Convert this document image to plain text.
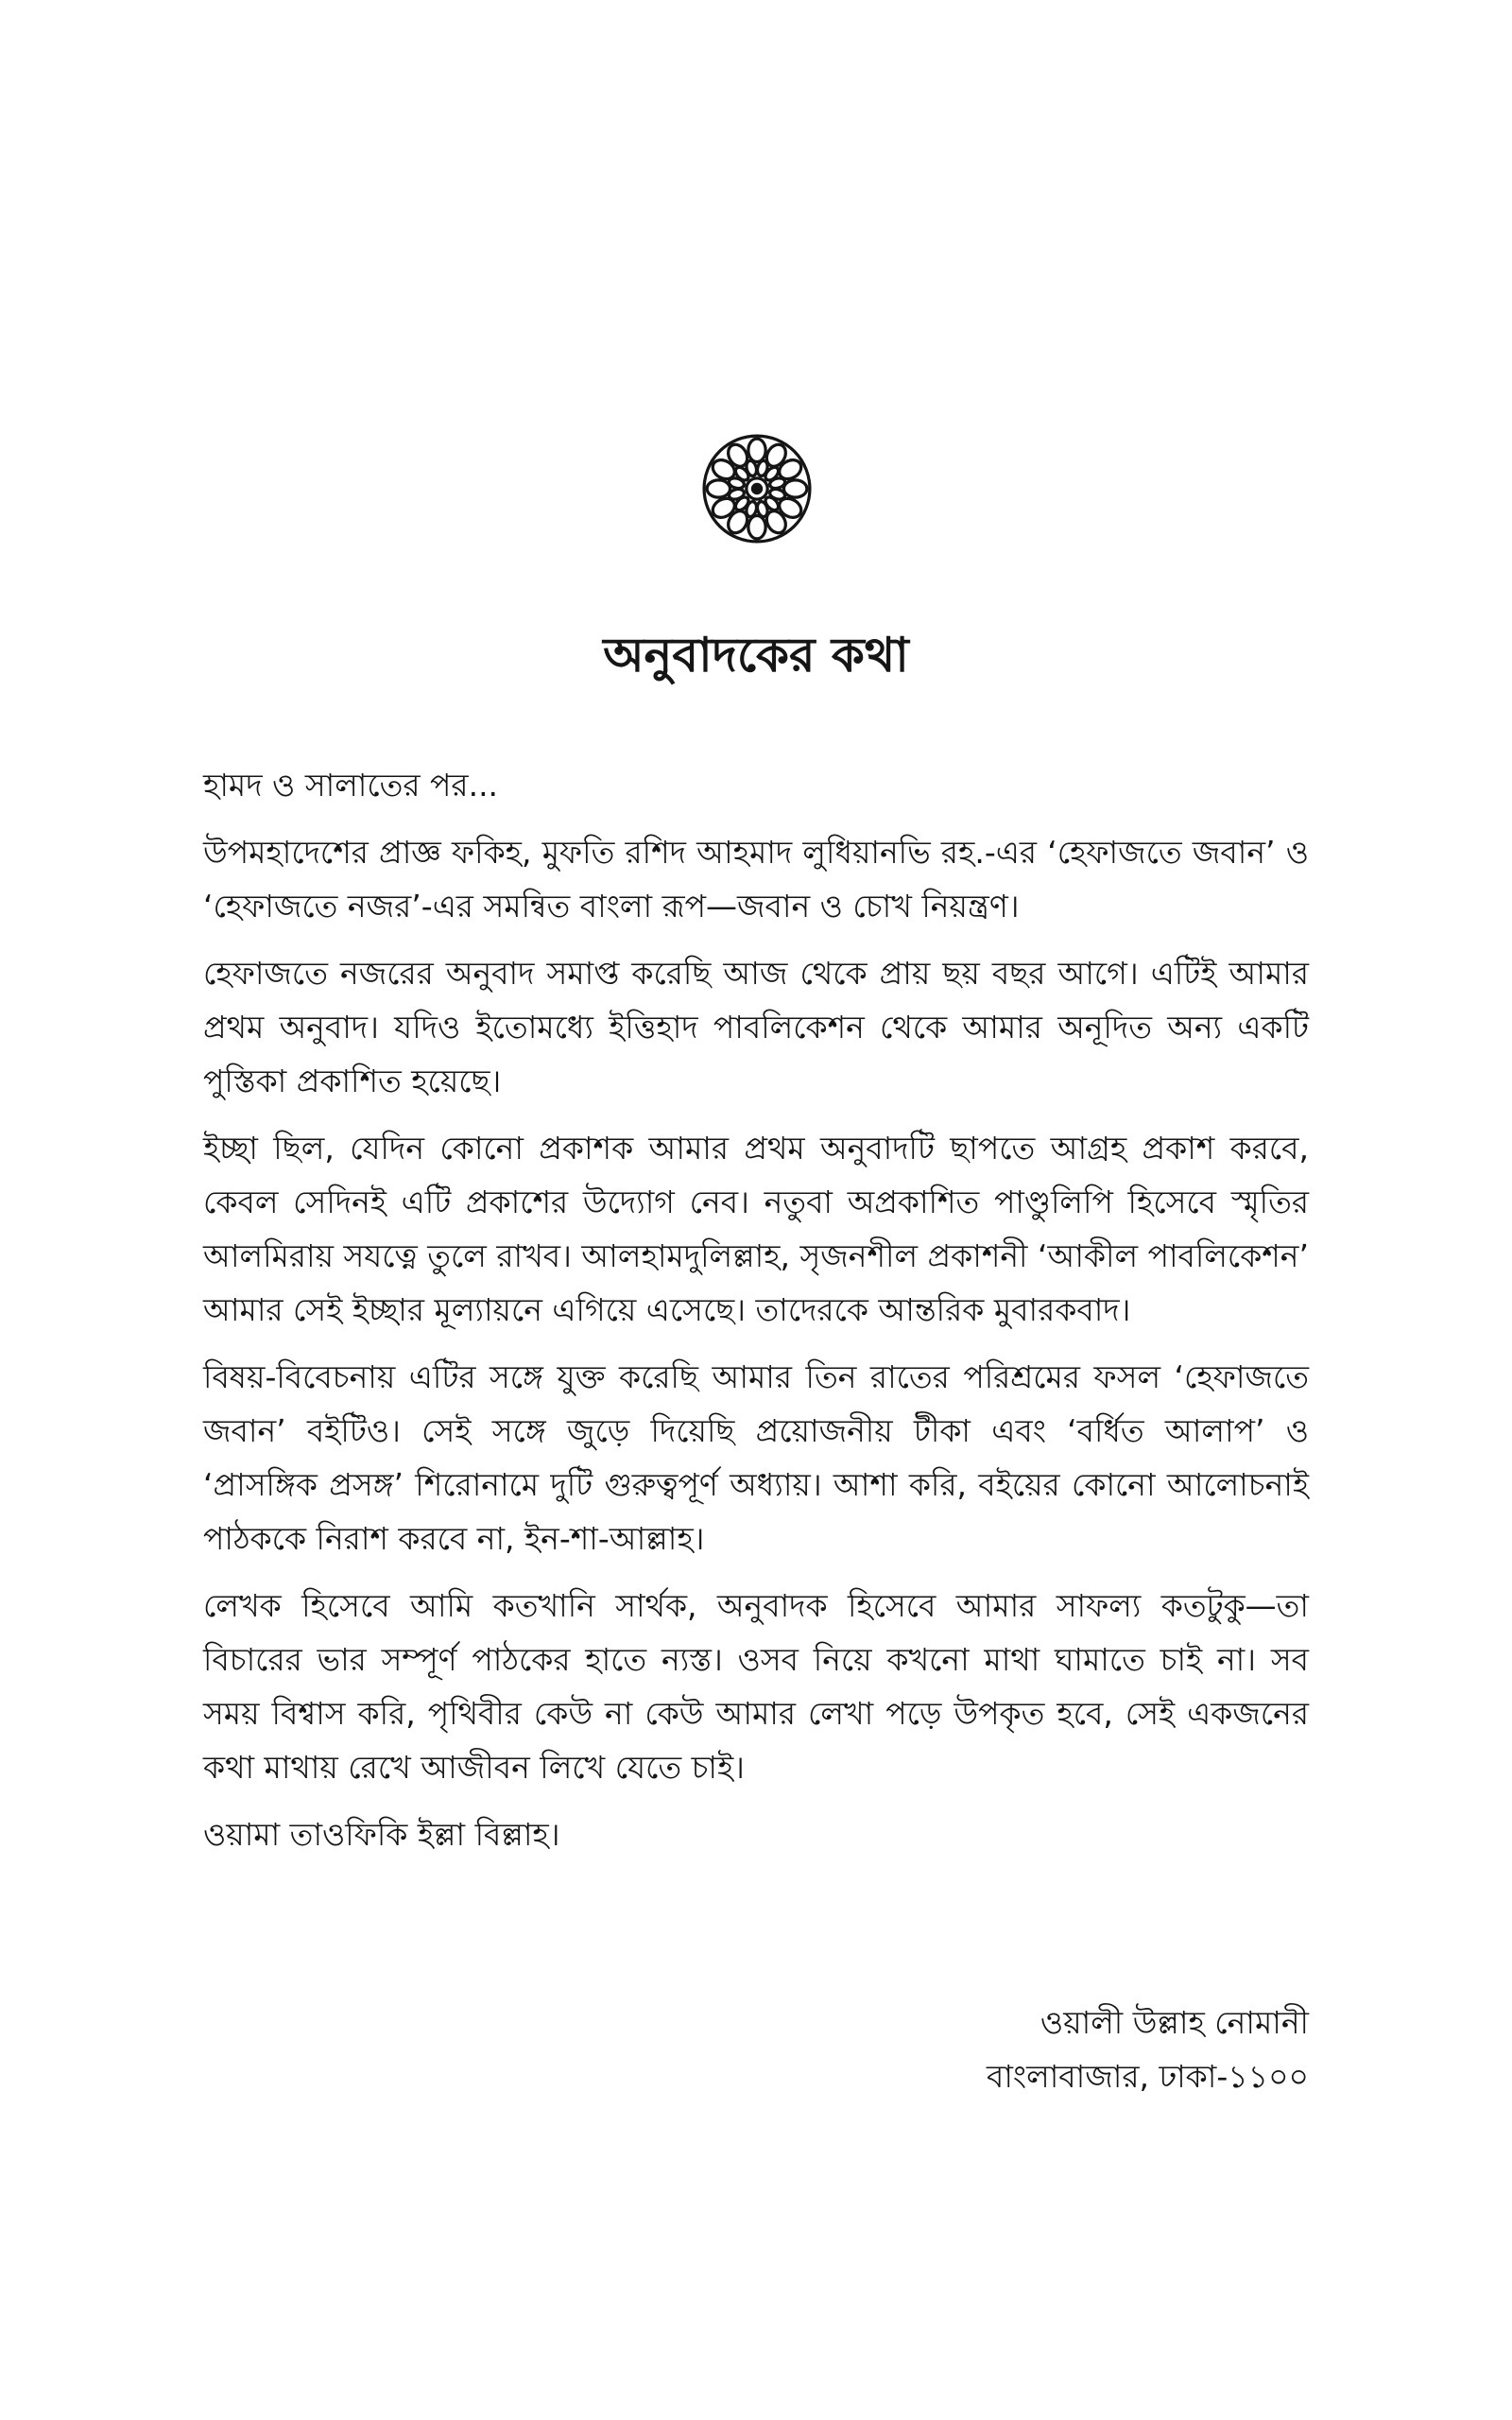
অনুবাদকের কথা

হামদ ও সালাতের পর...

উপমহাদেশের প্রাজ্ঞ ফকিহ, মুফতি রশিদ আহমাদ লুধিয়ানভি রহ.-এর ‘হেফাজতে জবান’ ও ‘হেফাজতে নজর’-এর সমন্বিত বাংলা রূপ—জবান ও চোখ নিয়ন্ত্রণ।

হেফাজতে নজরের অনুবাদ সমাপ্ত করেছি আজ থেকে প্রায় ছয় বছর আগে। এটিই আমার প্রথম অনুবাদ। যদিও ইতোমধ্যে ইত্তিহাদ পাবলিকেশন থেকে আমার অনূদিত অন্য একটি পুস্তিকা প্রকাশিত হয়েছে।

ইচ্ছা ছিল, যেদিন কোনো প্রকাশক আমার প্রথম অনুবাদটি ছাপতে আগ্রহ প্রকাশ করবে, কেবল সেদিনই এটি প্রকাশের উদ্যোগ নেব। নতুবা অপ্রকাশিত পাণ্ডুলিপি হিসেবে স্মৃতির আলমিরায় সযত্নে তুলে রাখব। আলহামদুলিল্লাহ, সৃজনশীল প্রকাশনী ‘আকীল পাবলিকেশন’ আমার সেই ইচ্ছার মূল্যায়নে এগিয়ে এসেছে। তাদেরকে আন্তরিক মুবারকবাদ।

বিষয়-বিবেচনায় এটির সঙ্গে যুক্ত করেছি আমার তিন রাতের পরিশ্রমের ফসল ‘হেফাজতে জবান’ বইটিও। সেই সঙ্গে জুড়ে দিয়েছি প্রয়োজনীয় টীকা এবং ‘বর্ধিত আলাপ’ ও ‘প্রাসঙ্গিক প্রসঙ্গ’ শিরোনামে দুটি গুরুত্বপূর্ণ অধ্যায়। আশা করি, বইয়ের কোনো আলোচনাই পাঠককে নিরাশ করবে না, ইন-শা-আল্লাহ।

লেখক হিসেবে আমি কতখানি সার্থক, অনুবাদক হিসেবে আমার সাফল্য কতটুকু—তা বিচারের ভার সম্পূর্ণ পাঠকের হাতে ন্যস্ত। ওসব নিয়ে কখনো মাথা ঘামাতে চাই না। সব সময় বিশ্বাস করি, পৃথিবীর কেউ না কেউ আমার লেখা পড়ে উপকৃত হবে, সেই একজনের কথা মাথায় রেখে আজীবন লিখে যেতে চাই।

ওয়ামা তাওফিকি ইল্লা বিল্লাহ।

ওয়ালী উল্লাহ নোমানী
বাংলাবাজার, ঢাকা-১১০০
